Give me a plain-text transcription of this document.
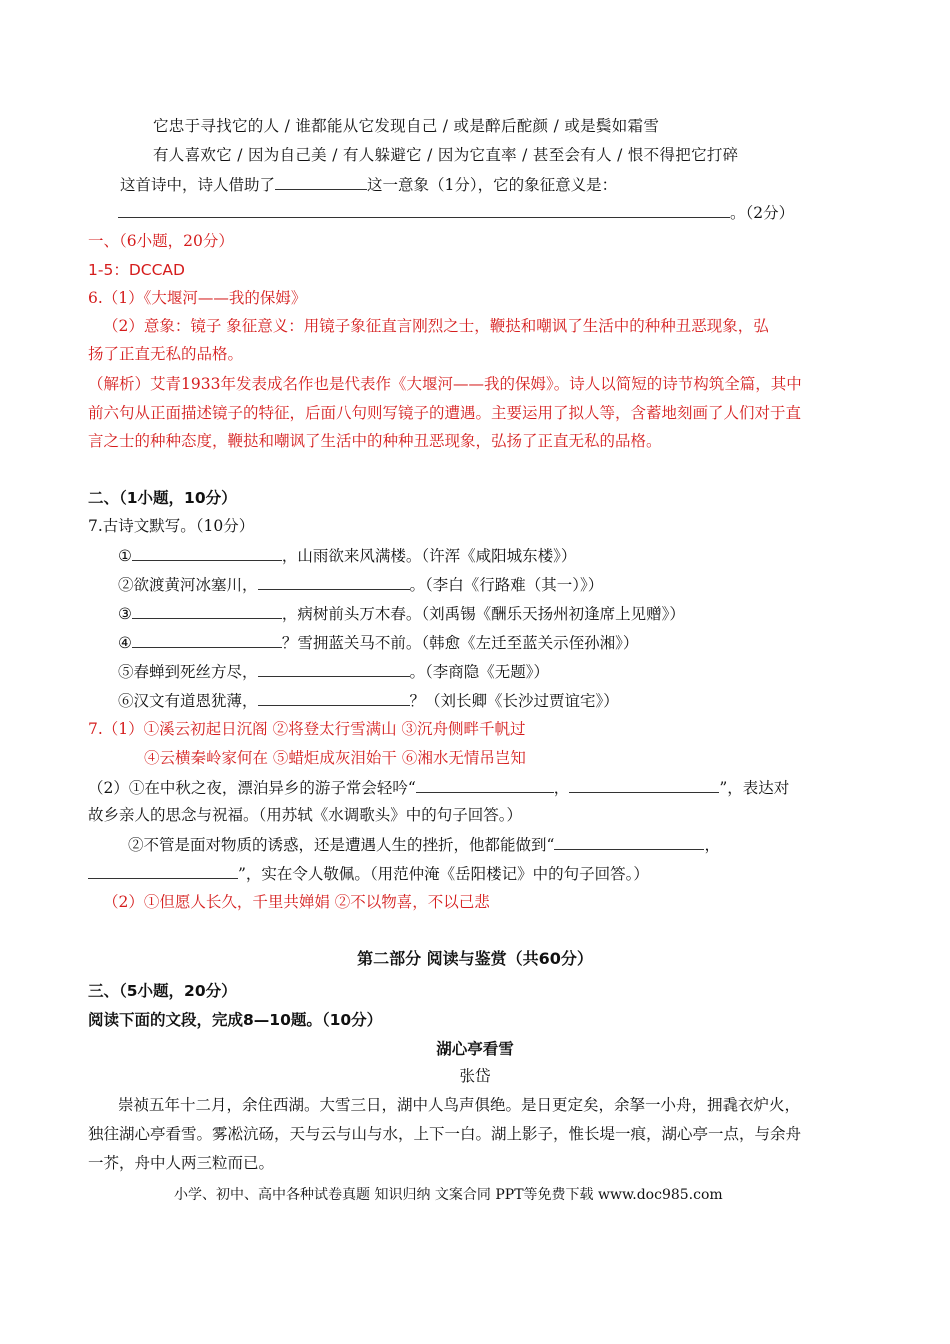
它忠于寻找它的人 / 谁都能从它发现自己 / 或是醉后酡颜 / 或是鬓如霜雪
有人喜欢它 / 因为自己美 / 有人躲避它 / 因为它直率 / 甚至会有人 / 恨不得把它打碎
这首诗中，诗人借助了	这一意象（1分），它的象征意义是：
。（2分）
一、（6小题，20分）
1-5：DCCAD
6.（1）《大堰河——我的保姆》
（2）意象：镜子 象征意义：用镜子象征直言刚烈之士，鞭挞和嘲讽了生活中的种种丑恶现象，弘
扬了正直无私的品格。
（解析）艾青1933年发表成名作也是代表作《大堰河——我的保姆》。诗人以简短的诗节构筑全篇，其中
前六句从正面描述镜子的特征，后面八句则写镜子的遭遇。主要运用了拟人等，含蓄地刻画了人们对于直
言之士的种种态度，鞭挞和嘲讽了生活中的种种丑恶现象，弘扬了正直无私的品格。
二、（1小题，10分）
7.古诗文默写。（10分）
①	，山雨欲来风满楼。（许浑《咸阳城东楼》）
②欲渡黄河冰塞川，	。（李白《行路难（其一）》）
③	，病树前头万木春。（刘禹锡《酬乐天扬州初逢席上见赠》）
④	？雪拥蓝关马不前。（韩愈《左迁至蓝关示侄孙湘》）
⑤春蝉到死丝方尽，	。（李商隐《无题》）
⑥汉文有道恩犹薄，	？（刘长卿《长沙过贾谊宅》）
7.（1）①溪云初起日沉阁 ②将登太行雪满山 ③沉舟侧畔千帆过
④云横秦岭家何在 ⑤蜡炬成灰泪始干 ⑥湘水无情吊岂知
（2）①在中秋之夜，漂泊异乡的游子常会轻吟“	，	”，表达对
故乡亲人的思念与祝福。（用苏轼《水调歌头》中的句子回答。）
②不管是面对物质的诱惑，还是遭遇人生的挫折，他都能做到“	，
”，实在令人敬佩。（用范仲淹《岳阳楼记》中的句子回答。）
（2）①但愿人长久，千里共婵娟 ②不以物喜，不以己悲
第二部分 阅读与鉴赏（共60分）
三、（5小题，20分）
阅读下面的文段，完成8—10题。（10分）
湖心亭看雪
张岱
崇祯五年十二月，余住西湖。大雪三日，湖中人鸟声俱绝。是日更定矣，余拏一小舟，拥毳衣炉火，
独往湖心亭看雪。雾凇沆砀，天与云与山与水，上下一白。湖上影子，惟长堤一痕，湖心亭一点，与余舟
一芥，舟中人两三粒而已。
小学、初中、高中各种试卷真题 知识归纳 文案合同 PPT等免费下载 www.doc985.com
